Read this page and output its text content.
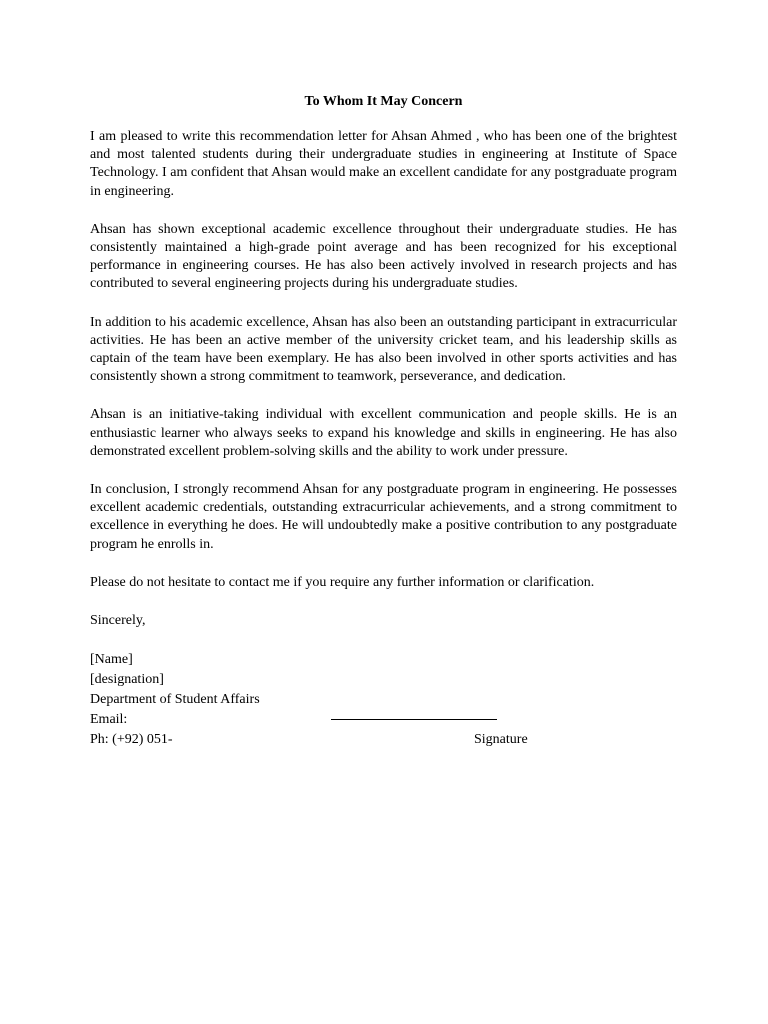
To Whom It May Concern

I am pleased to write this recommendation letter for Ahsan Ahmed , who has been one of the brightest and most talented students during their undergraduate studies in engineering at Institute of Space Technology. I am confident that Ahsan would make an excellent candidate for any postgraduate program in engineering.

Ahsan has shown exceptional academic excellence throughout their undergraduate studies. He has consistently maintained a high-grade point average and has been recognized for his exceptional performance in engineering courses. He has also been actively involved in research projects and has contributed to several engineering projects during his undergraduate studies.

In addition to his academic excellence, Ahsan has also been an outstanding participant in extracurricular activities. He has been an active member of the university cricket team, and his leadership skills as captain of the team have been exemplary. He has also been involved in other sports activities and has consistently shown a strong commitment to teamwork, perseverance, and dedication.

Ahsan is an initiative-taking individual with excellent communication and people skills. He is an enthusiastic learner who always seeks to expand his knowledge and skills in engineering. He has also demonstrated excellent problem-solving skills and the ability to work under pressure.

In conclusion, I strongly recommend Ahsan for any postgraduate program in engineering. He possesses excellent academic credentials, outstanding extracurricular achievements, and a strong commitment to excellence in everything he does. He will undoubtedly make a positive contribution to any postgraduate program he enrolls in.

Please do not hesitate to contact me if you require any further information or clarification.

Sincerely,
[Name]
[designation]
Department of Student Affairs
Email:
Ph: (+92) 051-	Signature
